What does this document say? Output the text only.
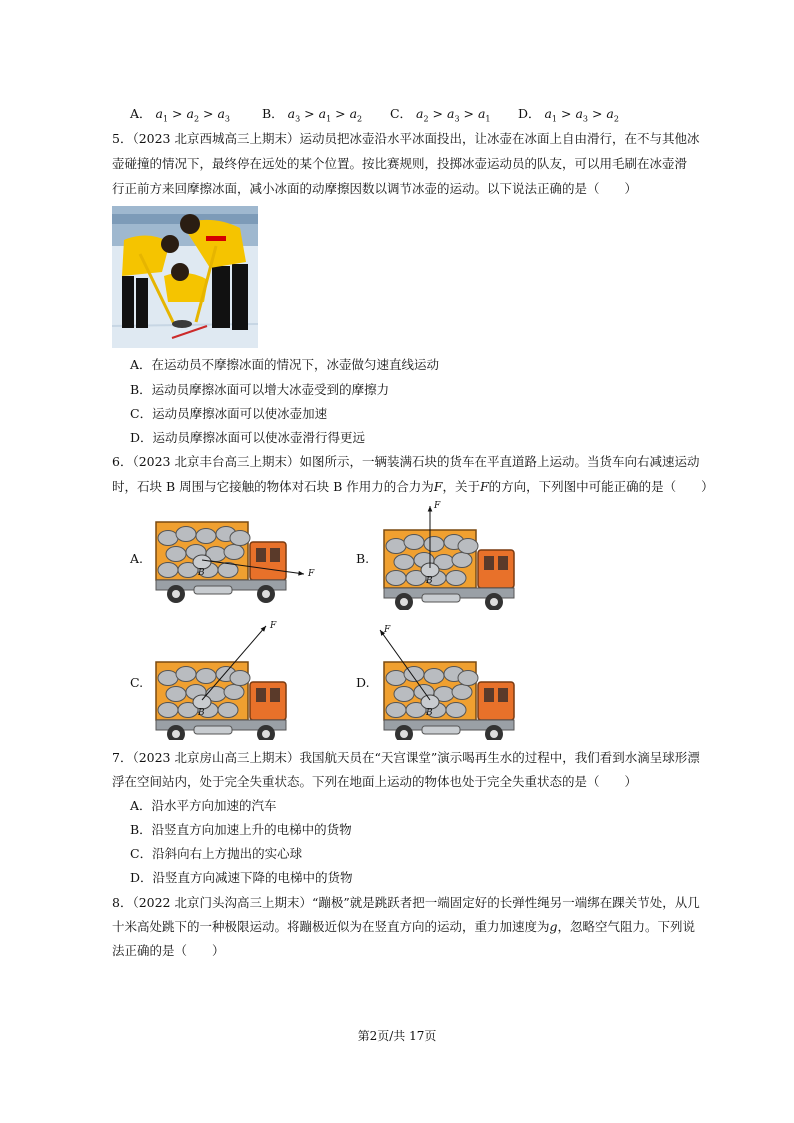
A． $a_1 > a_2 > a_3$	B． $a_3 > a_1 > a_2$ C． $a_2 > a_3 > a_1$ D． $a_1 > a_3 > a_2$
5．（2023 北京西城高三上期末）运动员把冰壶沿水平冰面投出，让冰壶在冰面上自由滑行，在不与其他冰
壶碰撞的情况下，最终停在远处的某个位置。按比赛规则，投掷冰壶运动员的队友，可以用毛刷在冰壶滑
行正前方来回摩擦冰面，减小冰面的动摩擦因数以调节冰壶的运动。以下说法正确的是（　　）
A．在运动员不摩擦冰面的情况下，冰壶做匀速直线运动
B．运动员摩擦冰面可以增大冰壶受到的摩擦力
C．运动员摩擦冰面可以使冰壶加速
D．运动员摩擦冰面可以使冰壶滑行得更远
6．（2023 北京丰台高三上期末）如图所示，一辆装满石块的货车在平直道路上运动。当货车向右减速运动
时，石块 B 周围与它接触的物体对石块 B 作用力的合力为F，关于F的方向，下列图中可能正确的是（　　）
A.	B.
C.	D.
B	F
B
F
B
F
B
F
7．（2023 北京房山高三上期末）我国航天员在“天宫课堂”演示喝再生水的过程中，我们看到水滴呈球形漂
浮在空间站内，处于完全失重状态。下列在地面上运动的物体也处于完全失重状态的是（　　）
A．沿水平方向加速的汽车
B．沿竖直方向加速上升的电梯中的货物
C．沿斜向右上方抛出的实心球
D．沿竖直方向减速下降的电梯中的货物
8．（2022 北京门头沟高三上期末）“蹦极”就是跳跃者把一端固定好的长弹性绳另一端绑在踝关节处，从几
十米高处跳下的一种极限运动。将蹦极近似为在竖直方向的运动，重力加速度为g，忽略空气阻力。下列说
法正确的是（　　）
第2页/共 17页
